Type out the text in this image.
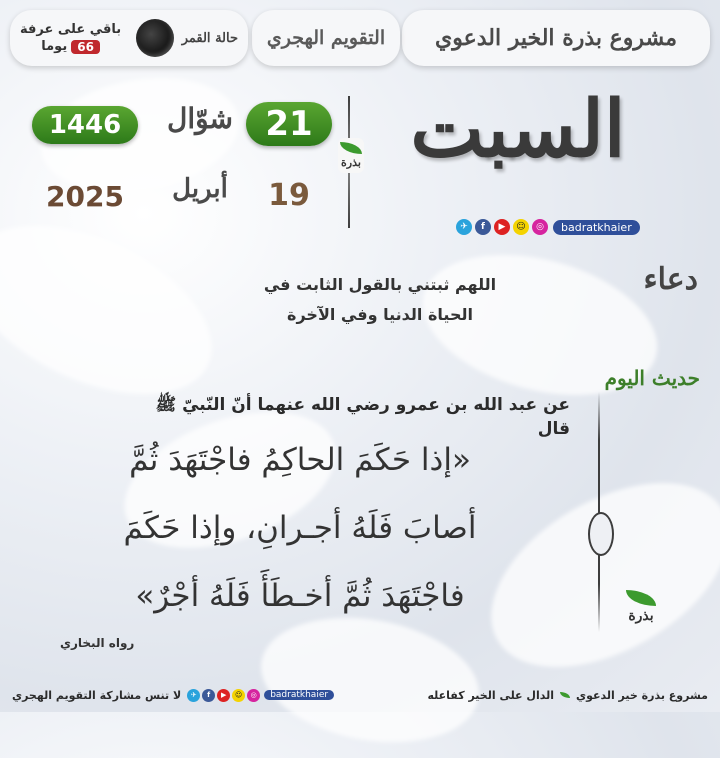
مشروع بذرة الخير الدعوي
التقويم الهجري
باقي على عرفة
يوما 66
حالة القمر
السبت
✈	f	▶	☺	◎	badratkhaier
بذرة
21
شوّال
1446
19
أبريل
2025
دعاء
اللهم ثبتني بالقول الثابت في
الحياة الدنيا وفي الآخرة
حديث اليوم
عن عبد الله بن عمرو رضي الله عنهما أنّ النّبيّ ﷺ قال
«إذا حَكَمَ الحاكِمُ فاجْتَهَدَ ثُمَّ
أصابَ فَلَهُ أجـرانِ، وإذا حَكَمَ
فاجْتَهَدَ ثُمَّ أخـطَأَ فَلَهُ أجْرٌ»
رواه البخاري
بذرة
لا تنس مشاركة التقويم الهجري	✈	f	▶	☺	◎	badratkhaier	الدال على الخير كفاعله مشروع بذرة خير الدعوي
